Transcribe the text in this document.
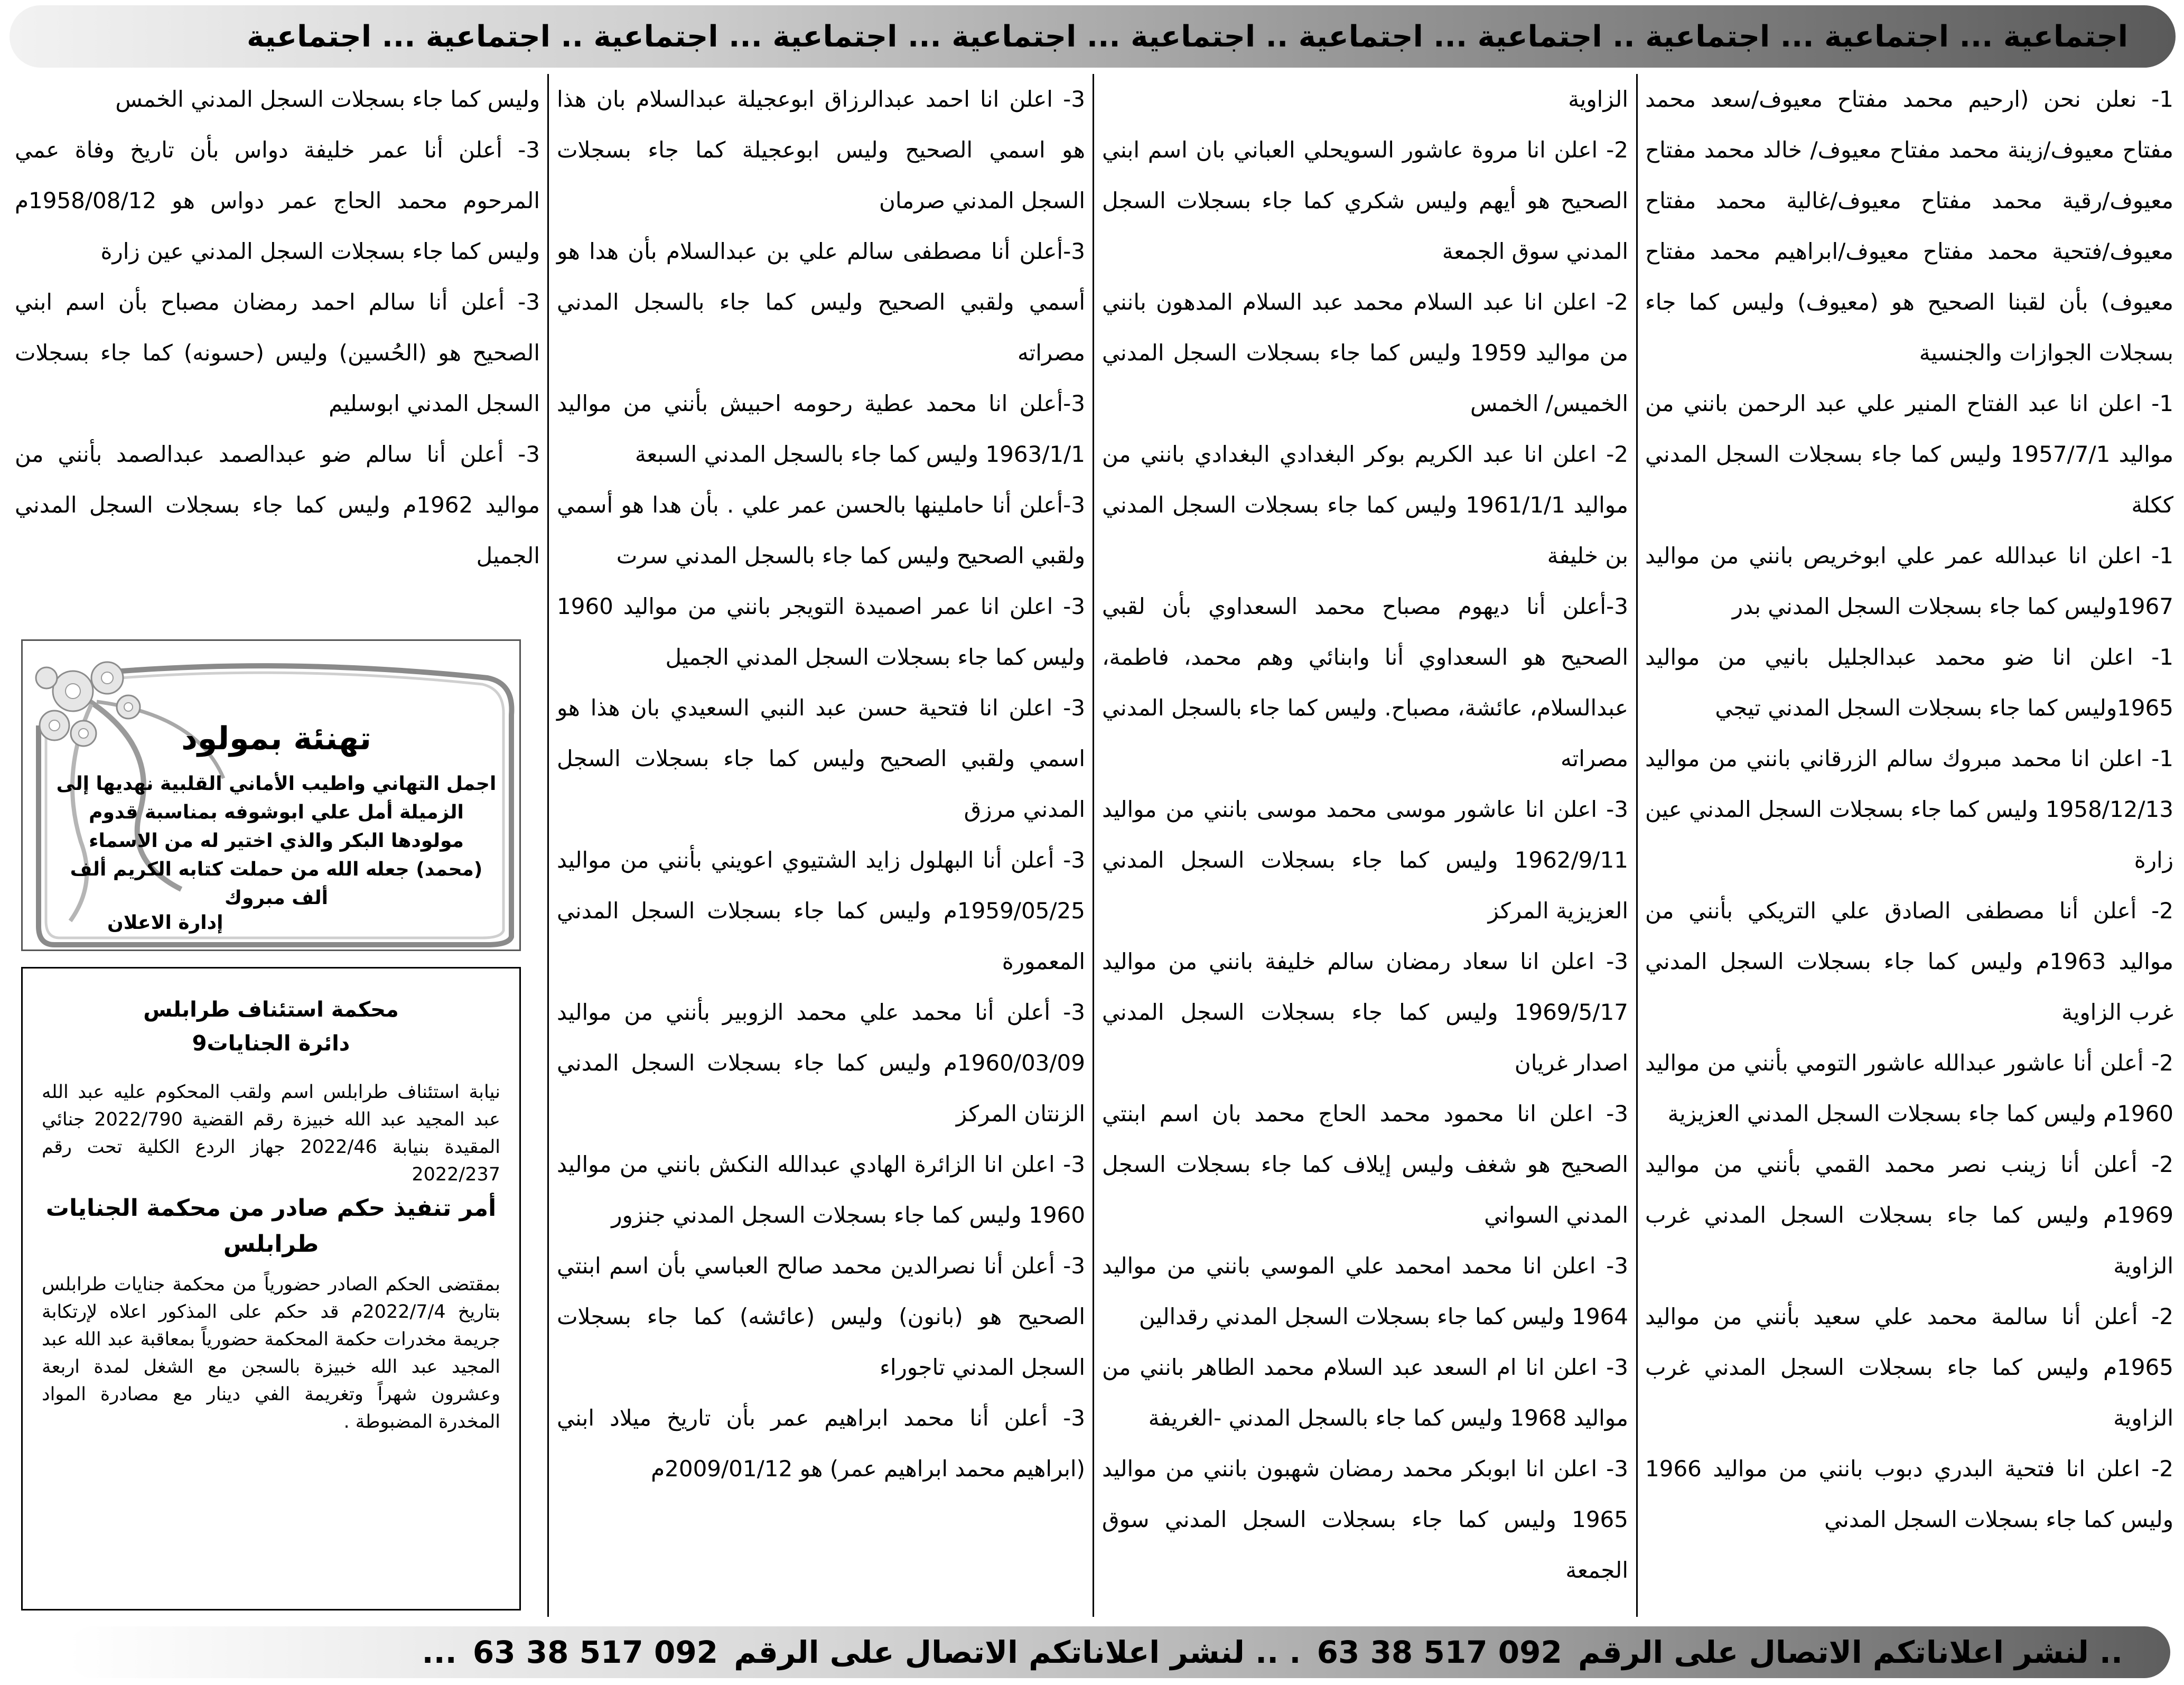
اجتماعية ... اجتماعية ... اجتماعية .. اجتماعية ... اجتماعية .. اجتماعية ... اجتماعية ... اجتماعية ... اجتماعية .. اجتماعية ... اجتماعية

1- نعلن نحن (ارحيم محمد مفتاح معيوف/سعد محمد مفتاح معيوف/زينة محمد مفتاح معيوف/ خالد محمد مفتاح معيوف/رقية محمد مفتاح معيوف/غالية محمد مفتاح معيوف/فتحية محمد مفتاح معيوف/ابراهيم محمد مفتاح معيوف) بأن لقبنا الصحيح هو (معيوف) وليس كما جاء بسجلات الجوازات والجنسية

1- اعلن انا عبد الفتاح المنير علي عبد الرحمن بانني من مواليد 1957/7/1 وليس كما جاء بسجلات السجل المدني ككلة

1- اعلن انا عبدالله عمر علي ابوخريص بانني من مواليد 1967وليس كما جاء بسجلات السجل المدني بدر

1- اعلن انا ضو محمد عبدالجليل بانيي من مواليد 1965وليس كما جاء بسجلات السجل المدني تيجي

1- اعلن انا محمد مبروك سالم الزرقاني بانني من مواليد 1958/12/13 وليس كما جاء بسجلات السجل المدني عين زارة

2- أعلن أنا مصطفى الصادق علي التريكي بأنني من مواليد 1963م وليس كما جاء بسجلات السجل المدني غرب الزاوية

2- أعلن أنا عاشور عبدالله عاشور التومي بأنني من مواليد 1960م وليس كما جاء بسجلات السجل المدني العزيزية

2- أعلن أنا زينب نصر محمد القمي بأنني من مواليد 1969م وليس كما جاء بسجلات السجل المدني غرب الزاوية

2- أعلن أنا سالمة محمد علي سعيد بأنني من مواليد 1965م وليس كما جاء بسجلات السجل المدني غرب الزاوية

2- اعلن انا فتحية البدري دبوب بانني من مواليد 1966 وليس كما جاء بسجلات السجل المدني

الزاوية

2- اعلن انا مروة عاشور السويحلي العباني بان اسم ابني الصحيح هو أيهم وليس شكري كما جاء بسجلات السجل المدني سوق الجمعة

2- اعلن انا عبد السلام محمد عبد السلام المدهون بانني من مواليد 1959 وليس كما جاء بسجلات السجل المدني الخميس/ الخمس

2- اعلن انا عبد الكريم بوكر البغدادي البغدادي بانني من مواليد 1961/1/1 وليس كما جاء بسجلات السجل المدني بن خليفة

3-أعلن أنا ديهوم مصباح محمد السعداوي بأن لقبي الصحيح هو السعداوي أنا وابنائي وهم محمد، فاطمة، عبدالسلام، عائشة، مصباح. وليس كما جاء بالسجل المدني مصراته

3- اعلن انا عاشور موسى محمد موسى بانني من مواليد 1962/9/11 وليس كما جاء بسجلات السجل المدني العزيزية المركز

3- اعلن انا سعاد رمضان سالم خليفة بانني من مواليد 1969/5/17 وليس كما جاء بسجلات السجل المدني اصدار غريان

3- اعلن انا محمود محمد الحاج محمد بان اسم ابنتي الصحيح هو شغف وليس إيلاف كما جاء بسجلات السجل المدني السواني

3- اعلن انا محمد امحمد علي الموسي بانني من مواليد 1964 وليس كما جاء بسجلات السجل المدني رقدالين

3- اعلن انا ام السعد عبد السلام محمد الطاهر بانني من مواليد 1968 وليس كما جاء بالسجل المدني -الغريفة

3- اعلن انا ابوبكر محمد رمضان شهبون بانني من مواليد 1965 وليس كما جاء بسجلات السجل المدني سوق الجمعة

3- اعلن انا احمد عبدالرزاق ابوعجيلة عبدالسلام بان هذا هو اسمي الصحيح وليس ابوعجيلة كما جاء بسجلات السجل المدني صرمان

3-أعلن أنا مصطفى سالم علي بن عبدالسلام بأن هدا هو أسمي ولقبي الصحيح وليس كما جاء بالسجل المدني مصراته

3-أعلن انا محمد عطية رحومه احبيش بأنني من مواليد 1963/1/1 وليس كما جاء بالسجل المدني السبعة

3-أعلن أنا حاملينها بالحسن عمر علي . بأن هدا هو أسمي ولقبي الصحيح وليس كما جاء بالسجل المدني سرت

3- اعلن انا عمر اصميدة التويجر بانني من مواليد 1960 وليس كما جاء بسجلات السجل المدني الجميل

3- اعلن انا فتحية حسن عبد النبي السعيدي بان هذا هو اسمي ولقبي الصحيح وليس كما جاء بسجلات السجل المدني مرزق

3- أعلن أنا البهلول زايد الشتيوي اعويني بأنني من مواليد 1959/05/25م وليس كما جاء بسجلات السجل المدني المعمورة

3- أعلن أنا محمد علي محمد الزوبير بأنني من مواليد 1960/03/09م وليس كما جاء بسجلات السجل المدني الزنتان المركز

3- اعلن انا الزائرة الهادي عبدالله النكش بانني من مواليد 1960 وليس كما جاء بسجلات السجل المدني جنزور

3- أعلن أنا نصرالدين محمد صالح العباسي بأن اسم ابنتي الصحيح هو (بانون) وليس (عائشه) كما جاء بسجلات السجل المدني تاجوراء

3- أعلن أنا محمد ابراهيم عمر بأن تاريخ ميلاد ابني (ابراهيم محمد ابراهيم عمر) هو 2009/01/12م

وليس كما جاء بسجلات السجل المدني الخمس

3- أعلن أنا عمر خليفة دواس بأن تاريخ وفاة عمي المرحوم محمد الحاج عمر دواس هو 1958/08/12م وليس كما جاء بسجلات السجل المدني عين زارة

3- أعلن أنا سالم احمد رمضان مصباح بأن اسم ابني الصحيح هو (الحُسين) وليس (حسونه) كما جاء بسجلات السجل المدني ابوسليم

3- أعلن أنا سالم ضو عبدالصمد عبدالصمد بأنني من مواليد 1962م وليس كما جاء بسجلات السجل المدني الجميل

تهنئة بمولود
اجمل التهاني واطيب الأماني القلبية نهديها إلى الزميلة أمل علي ابوشوفه بمناسبة قدوم مولودها البكر والذي اختير له من الاسماء (محمد) جعله الله من حملت كتابه الكريم ألف ألف مبروك
إدارة الاعلان
محكمة استئناف طرابلس
دائرة الجنايات9
نيابة استئناف طرابلس اسم ولقب المحكوم عليه عبد الله عبد المجيد عبد الله خبيزة رقم القضية 2022/790 جنائي المقيدة بنيابة 2022/46 جهاز الردع الكلية تحت رقم 2022/237
أمر تنفيذ حكم صادر من محكمة الجنايات طرابلس
بمقتضى الحكم الصادر حضورياً من محكمة جنايات طرابلس بتاريخ 2022/7/4م قد حكم على المذكور اعلاه لإرتكابة جريمة مخدرات حكمة المحكمة حضورياً بمعاقبة عبد الله عبد المجيد عبد الله خبيزة بالسجن مع الشغل لمدة اربعة وعشرون شهراً وتغريمة الفي دينار مع مصادرة المواد المخدرة المضبوطة .
.. لنشر اعلاناتكم الاتصال على الرقم 092 517 38 63 . .. لنشر اعلاناتكم الاتصال على الرقم 092 517 38 63 ...
